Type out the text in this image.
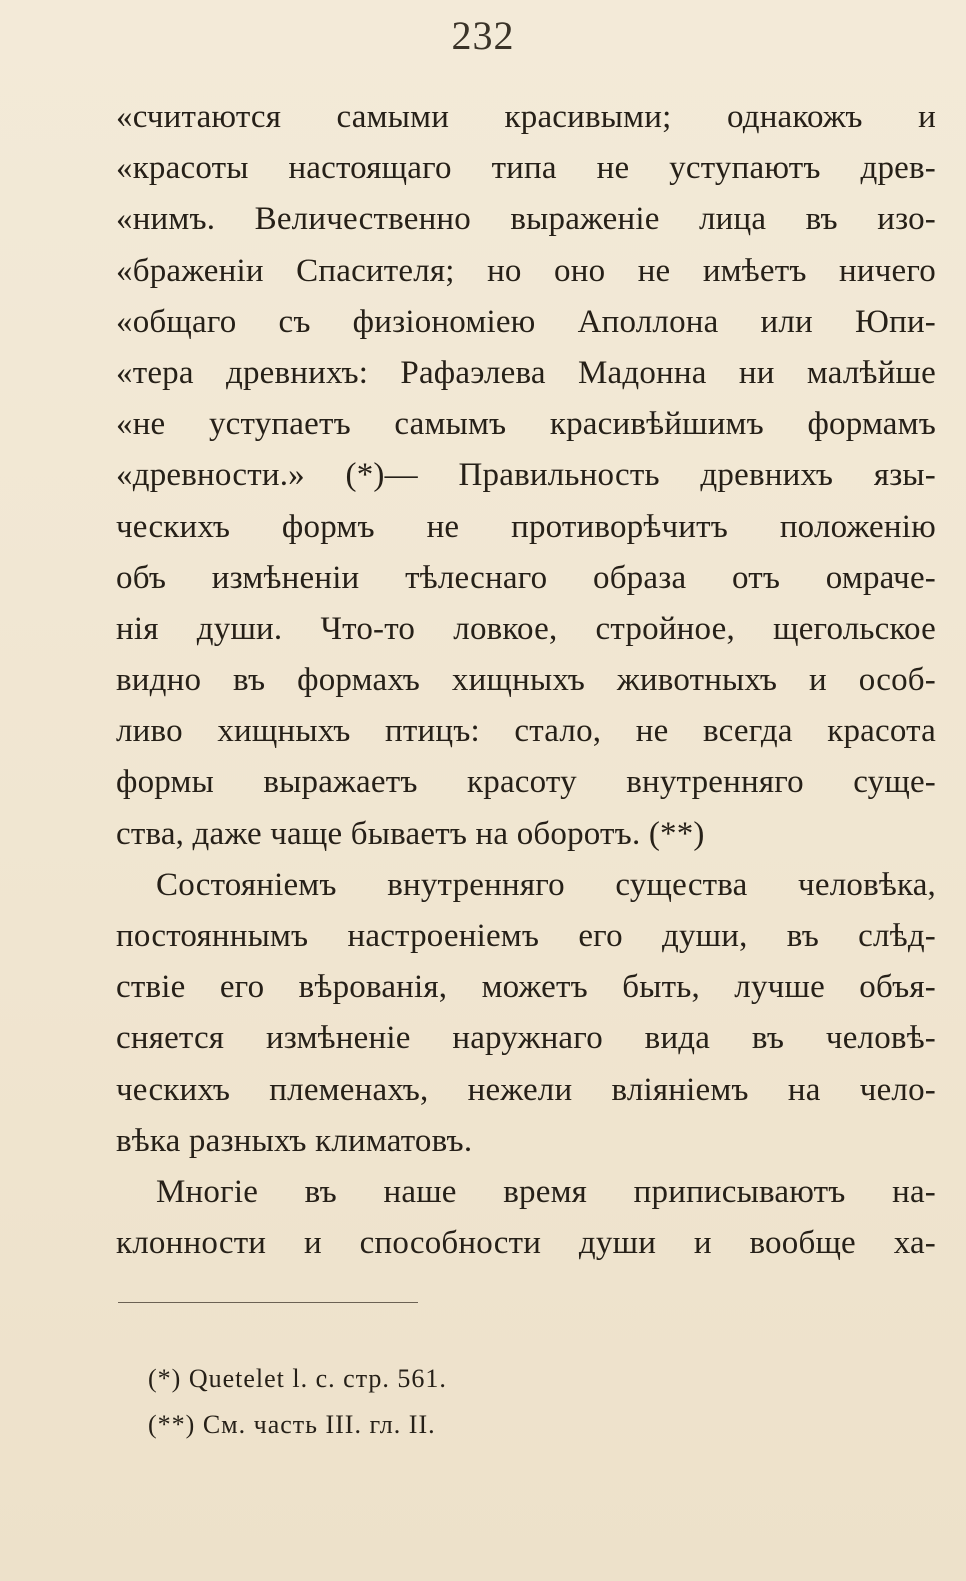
232
«считаются самыми красивыми; однакожъ и
«красоты настоящаго типа не уступаютъ древ-
«нимъ. Величественно выраженіе лица въ изо-
«браженіи Спасителя; но оно не имѣетъ ничего
«общаго съ физіономіею Аполлона или Юпи-
«тера древнихъ: Рафаэлева Мадонна ни малѣйше
«не уступаетъ самымъ красивѣйшимъ формамъ
«древности.» (*)— Правильность древнихъ язы-
ческихъ формъ не противорѣчитъ положенію
объ измѣненіи тѣлеснаго образа отъ омраче-
нія души. Что-то ловкое, стройное, щегольское
видно въ формахъ хищныхъ животныхъ и особ-
ливо хищныхъ птицъ: стало, не всегда красота
формы выражаетъ красоту внутренняго суще-
ства, даже чаще бываетъ на оборотъ. (**)
Состояніемъ внутренняго существа человѣка,
постояннымъ настроеніемъ его души, въ слѣд-
ствіе его вѣрованія, можетъ быть, лучше объя-
сняется измѣненіе наружнаго вида въ человѣ-
ческихъ племенахъ, нежели вліяніемъ на чело-
вѣка разныхъ климатовъ.
Многіе въ наше время приписываютъ на-
клонности и способности души и вообще ха-
(*) Quetelet l. c. стр. 561.
(**) См. часть III. гл. II.
